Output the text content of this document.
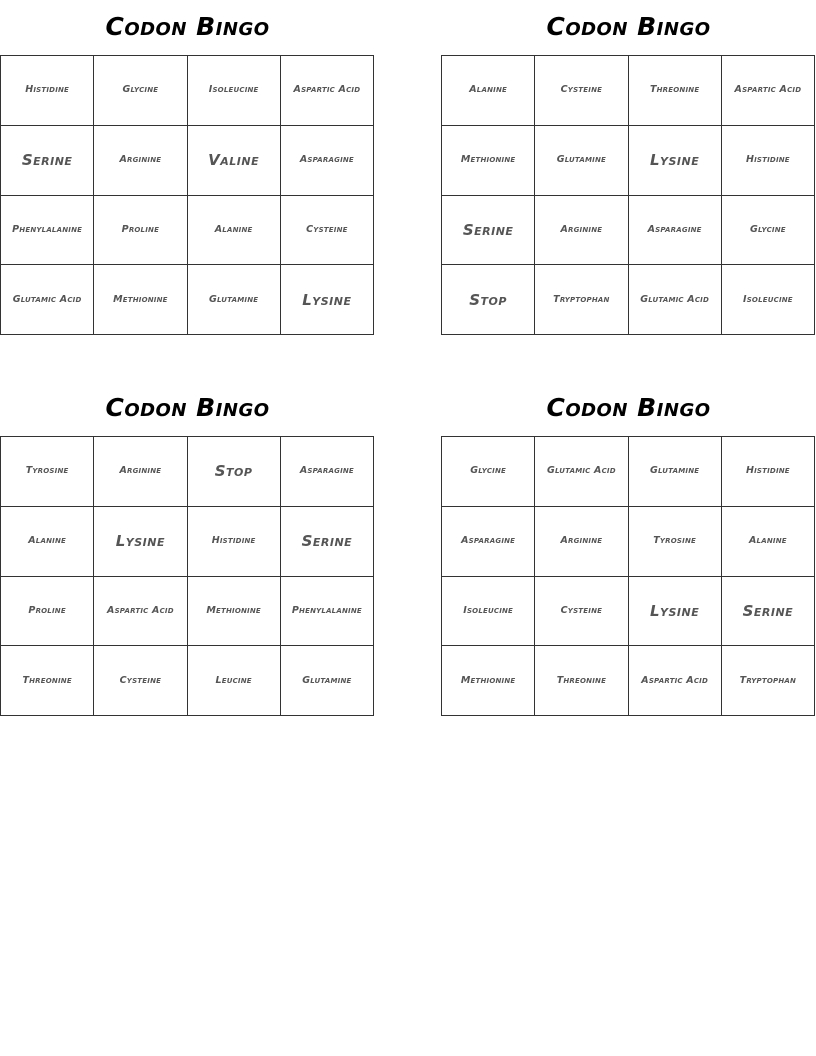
Codon Bingo
Histidine	Glycine	Isoleucine	Aspartic Acid
Serine	Arginine	Valine	Asparagine
Phenylalanine	Proline	Alanine	Cysteine
Glutamic Acid	Methionine	Glutamine	Lysine
Codon Bingo
Alanine	Cysteine	Threonine	Aspartic Acid
Methionine	Glutamine	Lysine	Histidine
Serine	Arginine	Asparagine	Glycine
Stop	Tryptophan	Glutamic Acid	Isoleucine
Codon Bingo
Tyrosine	Arginine	Stop	Asparagine
Alanine	Lysine	Histidine	Serine
Proline	Aspartic Acid	Methionine	Phenylalanine
Threonine	Cysteine	Leucine	Glutamine
Codon Bingo
Glycine	Glutamic Acid	Glutamine	Histidine
Asparagine	Arginine	Tyrosine	Alanine
Isoleucine	Cysteine	Lysine	Serine
Methionine	Threonine	Aspartic Acid	Tryptophan
